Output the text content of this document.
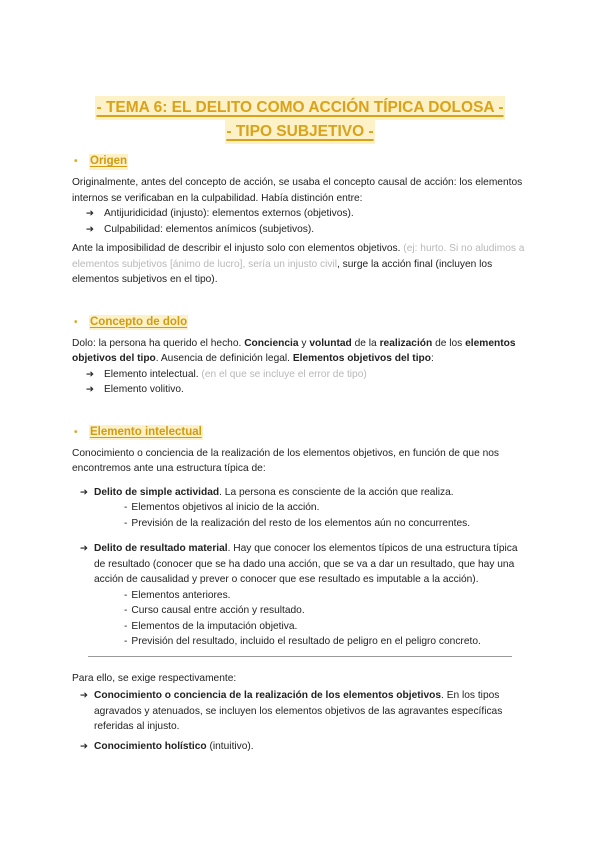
- TEMA 6: EL DELITO COMO ACCIÓN TÍPICA DOLOSA -
- TIPO SUBJETIVO -
•	Origen

Originalmente, antes del concepto de acción, se usaba el concepto causal de acción: los elementos internos se verificaban en la culpabilidad. Había distinción entre:

➔ Antijuridicidad (injusto): elementos externos (objetivos).
➔ Culpabilidad: elementos anímicos (subjetivos).

Ante la imposibilidad de describir el injusto solo con elementos objetivos. (ej: hurto. Si no aludimos a elementos subjetivos [ánimo de lucro], sería un injusto civil, surge la acción final (incluyen los elementos subjetivos en el tipo).

•	Concepto de dolo

Dolo: la persona ha querido el hecho. Conciencia y voluntad de la realización de los elementos objetivos del tipo. Ausencia de definición legal. Elementos objetivos del tipo:

➔ Elemento intelectual. (en el que se incluye el error de tipo)
➔ Elemento volitivo.
•	Elemento intelectual

Conocimiento o conciencia de la realización de los elementos objetivos, en función de que nos encontremos ante una estructura típica de:

➔ Delito de simple actividad. La persona es consciente de la acción que realiza.
- Elementos objetivos al inicio de la acción.
- Previsión de la realización del resto de los elementos aún no concurrentes.
➔ Delito de resultado material. Hay que conocer los elementos típicos de una estructura típica de resultado (conocer que se ha dado una acción, que se va a dar un resultado, que hay una acción de causalidad y prever o conocer que ese resultado es imputable a la acción).
- Elementos anteriores.
- Curso causal entre acción y resultado.
- Elementos de la imputación objetiva.
- Previsión del resultado, incluido el resultado de peligro en el peligro concreto.

Para ello, se exige respectivamente:

➔ Conocimiento o conciencia de la realización de los elementos objetivos. En los tipos agravados y atenuados, se incluyen los elementos objetivos de las agravantes específicas referidas al injusto.
➔ Conocimiento holístico (intuitivo).
